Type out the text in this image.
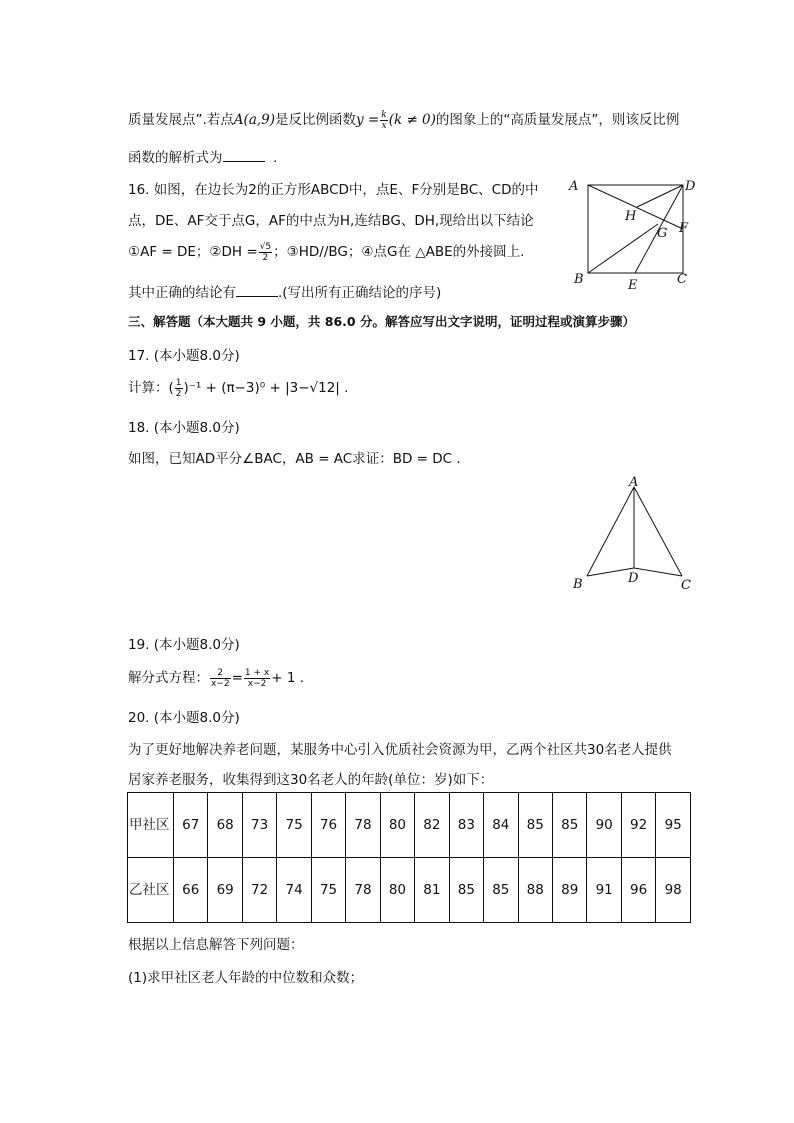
质量发展点”.若点A(a,9)是反比例函数$y = \frac{k}{x} (k \ne 0)$的图象上的“高质量发展点”，则该反比例
函数的解析式为	.
16. 如图，在边长为2的正方形ABCD中，点E、F分别是BC、CD的中
点，DE、AF交于点G，AF的中点为H,连结BG、DH,现给出以下结论
①AF = DE；②DH = $\frac{√5}{2}$ ；③HD//BG；④点G在 △ABE的外接圆上.
其中正确的结论有	.(写出所有正确结论的序号)
A	D
H
G F
B	E	C
三、解答题（本大题共 9 小题，共 86.0 分。解答应写出文字说明，证明过程或演算步骤）
17. (本小题8.0分)
计算：( $\frac{1}{2} )^{-1} + (\pi-3)^0 + |3-√12|$ .
18. (本小题8.0分)
如图，已知AD平分∠BAC，AB = AC求证：BD = DC .
A
B	D	C
19. (本小题8.0分)
解分式方程： $\frac{2}{x-2} = \frac{1 + x}{x-2} + 1$ .
20. (本小题8.0分)
为了更好地解决养老问题，某服务中心引入优质社会资源为甲，乙两个社区共30名老人提供
居家养老服务，收集得到这30名老人的年龄(单位：岁)如下：
甲社区	67	68	73	75	76	78	80	82	83	84	85	85	90	92	95
乙社区	66	69	72	74	75	78	80	81	85	85	88	89	91	96	98
根据以上信息解答下列问题：
(1)求甲社区老人年龄的中位数和众数；
